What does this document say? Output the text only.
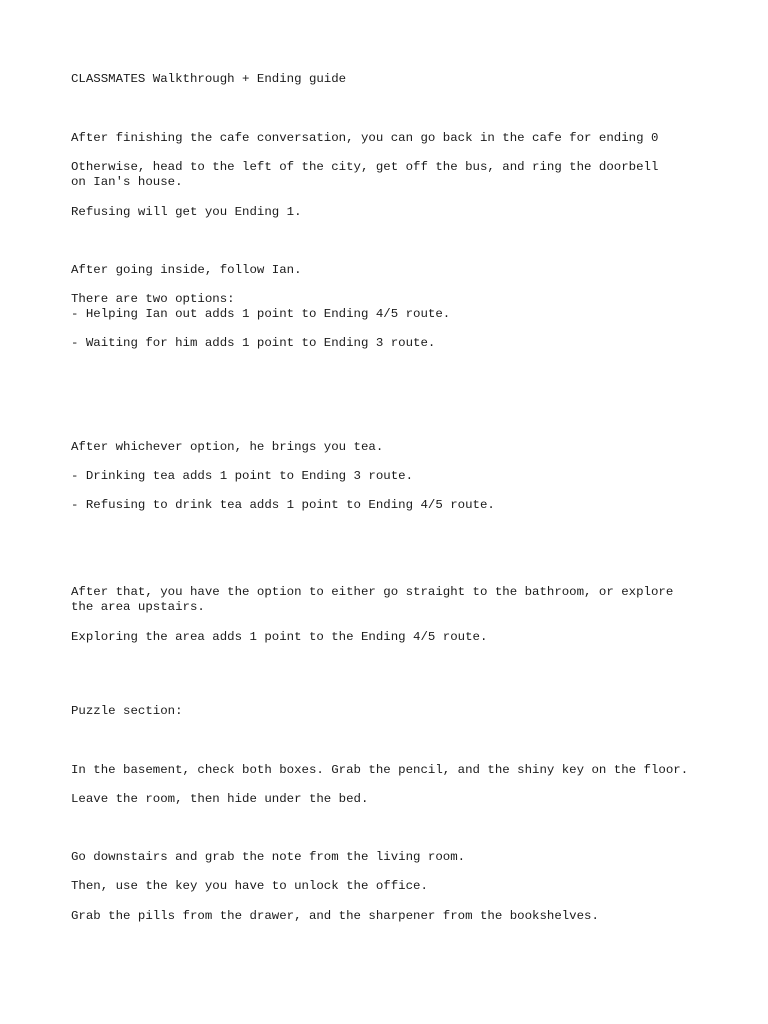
CLASSMATES Walkthrough + Ending guide

After finishing the cafe conversation, you can go back in the cafe for ending 0

Otherwise, head to the left of the city, get off the bus, and ring the doorbell

on Ian's house.

Refusing will get you Ending 1.

After going inside, follow Ian.

There are two options:

- Helping Ian out adds 1 point to Ending 4/5 route.

- Waiting for him adds 1 point to Ending 3 route.

After whichever option, he brings you tea.

- Drinking tea adds 1 point to Ending 3 route.

- Refusing to drink tea adds 1 point to Ending 4/5 route.

After that, you have the option to either go straight to the bathroom, or explore

the area upstairs.

Exploring the area adds 1 point to the Ending 4/5 route.

Puzzle section:

In the basement, check both boxes. Grab the pencil, and the shiny key on the floor.

Leave the room, then hide under the bed.

Go downstairs and grab the note from the living room.

Then, use the key you have to unlock the office.

Grab the pills from the drawer, and the sharpener from the bookshelves.
